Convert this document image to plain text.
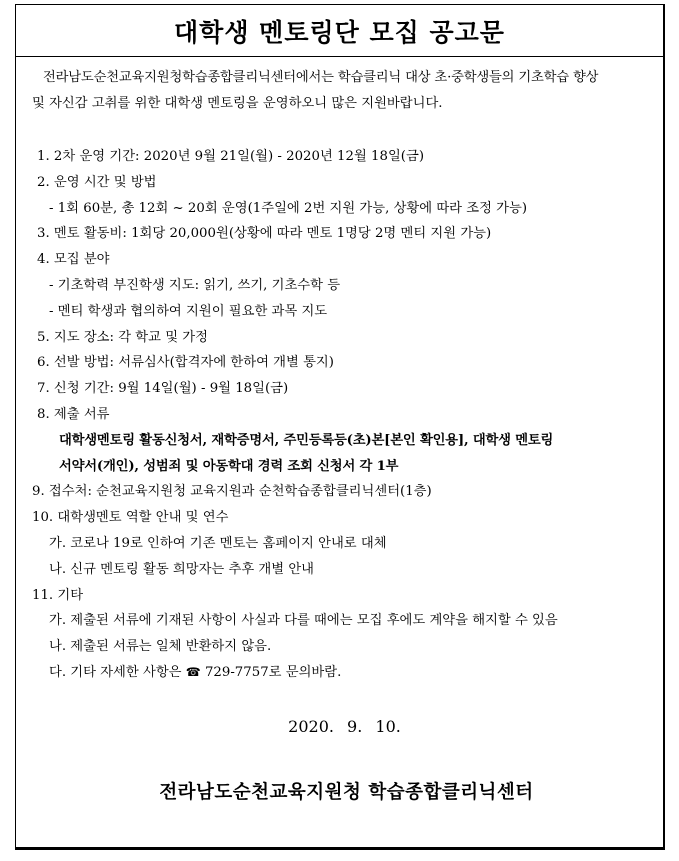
대학생 멘토링단 모집 공고문

전라남도순천교육지원청학습종합클리닉센터에서는 학습클리닉 대상 초·중학생들의 기초학습 향상
및 자신감 고취를 위한 대학생 멘토링을 운영하오니 많은 지원바랍니다.

1. 2차 운영 기간: 2020년 9월 21일(월) - 2020년 12월 18일(금)
2. 운영 시간 및 방법
- 1회 60분, 총 12회 ~ 20회 운영(1주일에 2번 지원 가능, 상황에 따라 조정 가능)
3. 멘토 활동비: 1회당 20,000원(상황에 따라 멘토 1명당 2명 멘티 지원 가능)
4. 모집 분야
- 기초학력 부진학생 지도: 읽기, 쓰기, 기초수학 등
- 멘티 학생과 협의하여 지원이 필요한 과목 지도
5. 지도 장소: 각 학교 및 가정
6. 선발 방법: 서류심사(합격자에 한하여 개별 통지)
7. 신청 기간: 9월 14일(월) - 9월 18일(금)
8. 제출 서류
대학생멘토링 활동신청서, 재학증명서, 주민등록등(초)본[본인 확인용], 대학생 멘토링
서약서(개인), 성범죄 및 아동학대 경력 조회 신청서 각 1부
9. 접수처: 순천교육지원청 교육지원과 순천학습종합클리닉센터(1층)
10. 대학생멘토 역할 안내 및 연수
가. 코로나 19로 인하여 기존 멘토는 홈페이지 안내로 대체
나. 신규 멘토링 활동 희망자는 추후 개별 안내
11. 기타
가. 제출된 서류에 기재된 사항이 사실과 다를 때에는 모집 후에도 계약을 해지할 수 있음
나. 제출된 서류는 일체 반환하지 않음.
다. 기타 자세한 사항은 ☎ 729-7757로 문의바람.

2020. 9. 10.

전라남도순천교육지원청 학습종합클리닉센터
